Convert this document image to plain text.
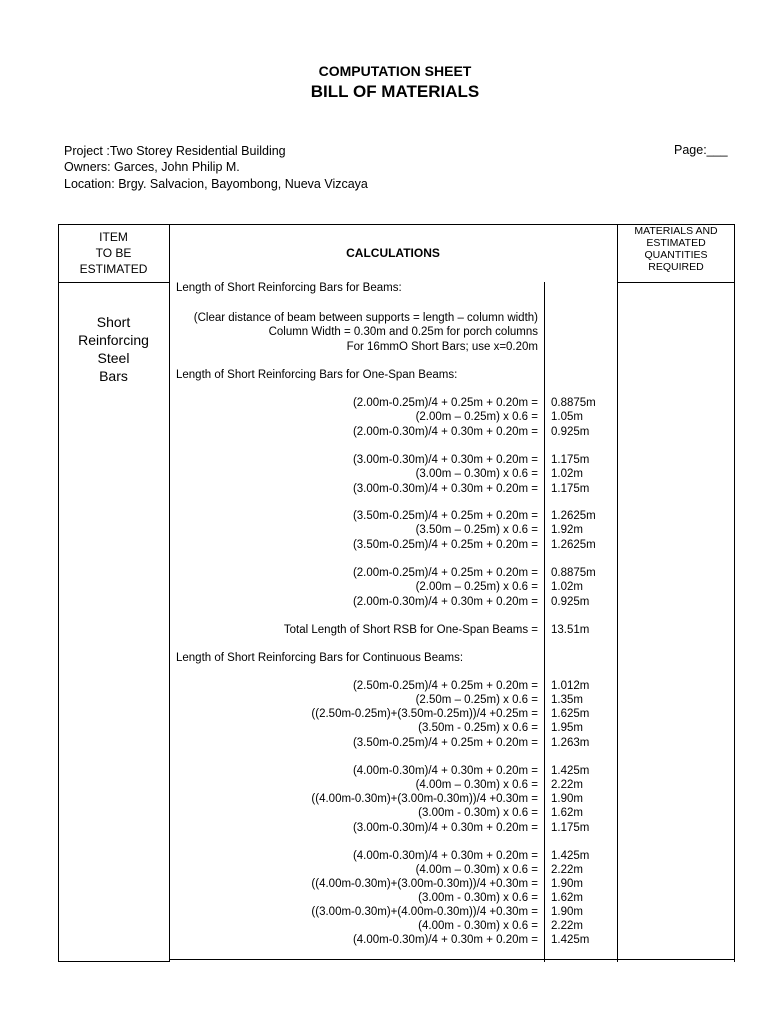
COMPUTATION SHEET
BILL OF MATERIALS
Project :Two Storey Residential Building
Owners: Garces, John Philip M.
Location: Brgy. Salvacion, Bayombong, Nueva Vizcaya
Page:___
ITEM
TO BE
ESTIMATED
CALCULATIONS
MATERIALS AND
ESTIMATED
QUANTITIES
REQUIRED
Short
Reinforcing
Steel
Bars
Length of Short Reinforcing Bars for Beams:
(Clear distance of beam between supports = length – column width)
Column Width = 0.30m and 0.25m for porch columns
For 16mmO Short Bars; use x=0.20m
Length of Short Reinforcing Bars for One-Span Beams:
(2.00m-0.25m)/4 + 0.25m + 0.20m = 0.8875m
(2.00m – 0.25m) x 0.6 = 1.05m
(2.00m-0.30m)/4 + 0.30m + 0.20m = 0.925m
(3.00m-0.30m)/4 + 0.30m + 0.20m = 1.175m
(3.00m – 0.30m) x 0.6 = 1.02m
(3.00m-0.30m)/4 + 0.30m + 0.20m = 1.175m
(3.50m-0.25m)/4 + 0.25m + 0.20m = 1.2625m
(3.50m – 0.25m) x 0.6 = 1.92m
(3.50m-0.25m)/4 + 0.25m + 0.20m = 1.2625m
(2.00m-0.25m)/4 + 0.25m + 0.20m = 0.8875m
(2.00m – 0.25m) x 0.6 = 1.02m
(2.00m-0.30m)/4 + 0.30m + 0.20m = 0.925m
Total Length of Short RSB for One-Span Beams = 13.51m
Length of Short Reinforcing Bars for Continuous Beams:
(2.50m-0.25m)/4 + 0.25m + 0.20m = 1.012m
(2.50m – 0.25m) x 0.6 = 1.35m
((2.50m-0.25m)+(3.50m-0.25m))/4 +0.25m = 1.625m
(3.50m - 0.25m) x 0.6 = 1.95m
(3.50m-0.25m)/4 + 0.25m + 0.20m = 1.263m
(4.00m-0.30m)/4 + 0.30m + 0.20m = 1.425m
(4.00m – 0.30m) x 0.6 = 2.22m
((4.00m-0.30m)+(3.00m-0.30m))/4 +0.30m = 1.90m
(3.00m - 0.30m) x 0.6 = 1.62m
(3.00m-0.30m)/4 + 0.30m + 0.20m = 1.175m
(4.00m-0.30m)/4 + 0.30m + 0.20m = 1.425m
(4.00m – 0.30m) x 0.6 = 2.22m
((4.00m-0.30m)+(3.00m-0.30m))/4 +0.30m = 1.90m
(3.00m - 0.30m) x 0.6 = 1.62m
((3.00m-0.30m)+(4.00m-0.30m))/4 +0.30m = 1.90m
(4.00m - 0.30m) x 0.6 = 2.22m
(4.00m-0.30m)/4 + 0.30m + 0.20m = 1.425m
